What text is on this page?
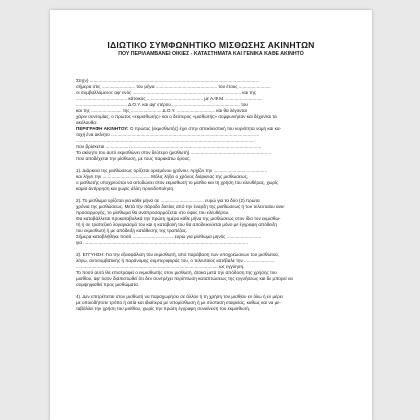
ΙΔΙΩΤΙΚΟ ΣΥΜΦΩΝΗΤΙΚΟ ΜΙΣΘΩΣΗΣ ΑΚΙΝΗΤΩΝ
ΠΟΥ ΠΕΡΙΛΑΜΒΑΝΕΙ ΟΙΚΙΕΣ - ΚΑΤΑΣΤΗΜΑΤΑ ΚΑΙ ΓΕΝΙΚΑ ΚΑΘΕ ΑΚΙΝΗΤΟ
Στη(ν) .....................................................................................................................................
σήμερα στις .......................... του μήνα ................................................ του έτους .........................
οι συμβαλλόμενοι: αφ' ενός ..................................................................................... και της
........................................ κάτοικος ............................................ με Α.Φ.Μ. .............................
........................................ Δ.Ο.Υ. και αφ' ετέρου ..................................................... του
και της ........................ της ........................ Δ.Ο.Υ. .............................. και θα λέγονται
χάριν συντομίας, ο πρώτος «εκμισθωτής» και ο δεύτερος «μισθωτής» συμφωνήσαν και δέχονται τα
ακόλουθα:
ΠΕΡΙΓΡΑΦΗ ΑΚΙΝΗΤΟΥ: Ο πρώτος (εκμισθωτής) έχει στην αποκλειστική του κυριότητα νομή και κα-
τοχή ένα ακίνητο ....................................................................................................................
............................................................................................................................................
που βρίσκεται ..........................................................................................................................
Το ακίνητο του αυτό εκμισθώνει στον δεύτερο (μισθωτή) ...............................................................
που αποδέχεται την μίσθωση, με τους παρακάτω όρους:
1). Διάρκεια της μισθώσεως ορίζεται ορισμένου χρόνου. Αρχίζει την ..........................................
και λήγει την ..................................... Μόλις λήξει ο χρόνος διάρκειας της μισθώσεως,
ο μισθωτής υποχρεούται να αποδώσει στον εκμισθωτή το μίσθιο και τη χρήση του ελευθέρας, χωρίς
καμία αντίρρηση και χωρίς άλλη προειδοποίηση.
2). Το μίσθωμα ορίζεται για κάθε μήνα σε .................................. ευρώ για τα δύο (2) πρώτα
χρόνια της μισθώσεως. Μετά την πάροδο διετίας από την έναρξη της μισθώσεως ή του τελευταίου ανα-
προσαρμογής, το μίσθωμα θα αναπροσαρμόζεται στο ύψος του ελευθέρου.
Θα καταβάλλεται προκαταβολικά την πρώτη ημέρα κάθε μήνα της μισθώσεως στον ίδιο τον εκμισθω-
τή ή σε τραπεζικό λογαριασμό του και η καταβολή του θα αποδεικνύεται μόνο με έγγραφη απόδειξη
του εκμισθωτή ή με απόδειξη κατάθεσης της τραπέζας.
Σήμερα καταβλήθηκε ποσό ................................ ευρώ για μίσθωμα μηνός ...........................
για .................................................................................................................................
3). ΕΓΓΥΗΣΗ: Για την εξασφάλιση του εκμισθωτή, από παράβαση των υποχρεώσεων του μισθωτού,
λόγω, αντισυμβατικής ή παράνομης συμπεριφοράς του, ο τελευταίος κατέβαλε την ........................
............................................................................................................... ως εγγύηση.
Το ποσό αυτό θα επιστραφεί ο εκμισθωτής στον μισθωτή, άτοκα μετά την απόδοση της χρήσης του
μισθίου, αφ' όσον διαπιστωθεί ότι δεν συντρέχει περίπτωση καταπτώσεως της εγγυήσεως και δε μπορεί να
συμψηφισθεί προς μισθώματα.
4). Δεν επιτρέπεται στον μισθωτή να παραχωρήσει σε άλλον ή τη χρήση του μισθίου εν όλω ή εν μέρει
με οποιοδήποτε τρόπο ή αιτία και ιδιαίτερα με υπομίσθωση ή με σύσταση εταιρείας, καθώς και να με-
ταβάλλει την χρήση του μισθίου, χωρίς την πρώτη έγγραφη συναίνεση του εκμισθωτή.
